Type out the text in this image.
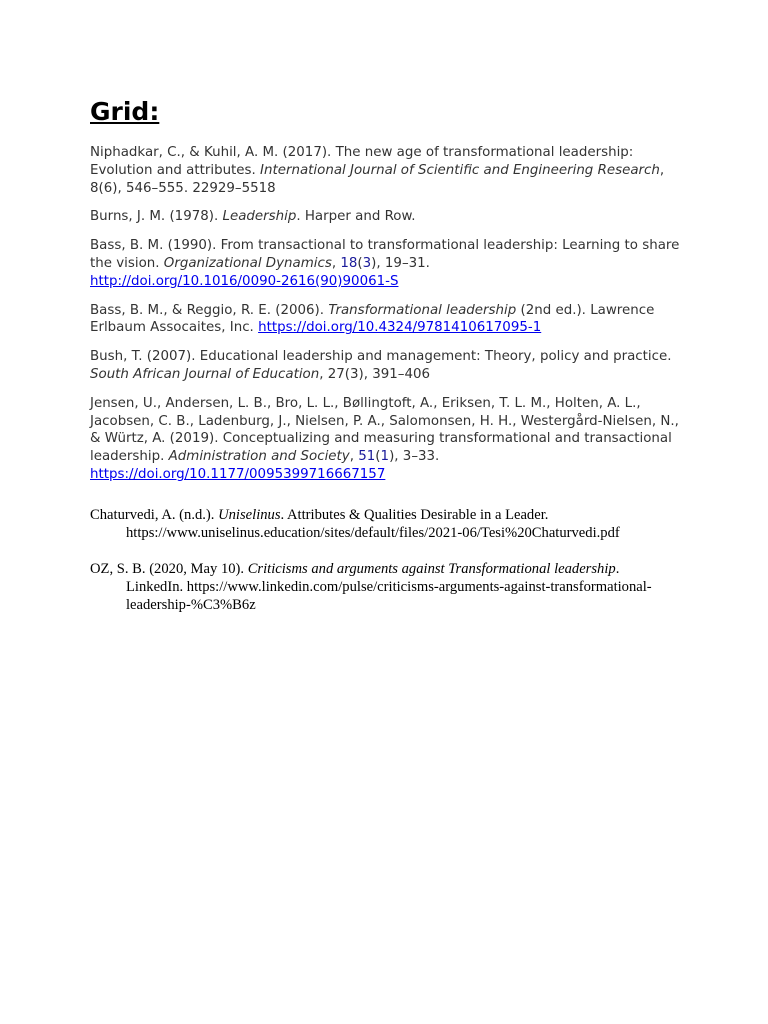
Grid:

Niphadkar, C., & Kuhil, A. M. (2017). The new age of transformational leadership: Evolution and attributes. International Journal of Scientific and Engineering Research, 8(6), 546–555. 22929–5518

Burns, J. M. (1978). Leadership. Harper and Row.

Bass, B. M. (1990). From transactional to transformational leadership: Learning to share the vision. Organizational Dynamics, 18(3), 19–31.
http://doi.org/10.1016/0090-2616(90)90061-S

Bass, B. M., & Reggio, R. E. (2006). Transformational leadership (2nd ed.). Lawrence Erlbaum Assocaites, Inc. https://doi.org/10.4324/9781410617095-1

Bush, T. (2007). Educational leadership and management: Theory, policy and practice. South African Journal of Education, 27(3), 391–406

Jensen, U., Andersen, L. B., Bro, L. L., Bøllingtoft, A., Eriksen, T. L. M., Holten, A. L., Jacobsen, C. B., Ladenburg, J., Nielsen, P. A., Salomonsen, H. H., Westergård-Nielsen, N., & Würtz, A. (2019). Conceptualizing and measuring transformational and transactional leadership. Administration and Society, 51(1), 3–33.
https://doi.org/10.1177/0095399716667157

Chaturvedi, A. (n.d.). Uniselinus. Attributes & Qualities Desirable in a Leader. https://www.uniselinus.education/sites/default/files/2021-06/Tesi%20Chaturvedi.pdf

OZ, S. B. (2020, May 10). Criticisms and arguments against Transformational leadership. LinkedIn. https://www.linkedin.com/pulse/criticisms-arguments-against-transformational-leadership-%C3%B6z
